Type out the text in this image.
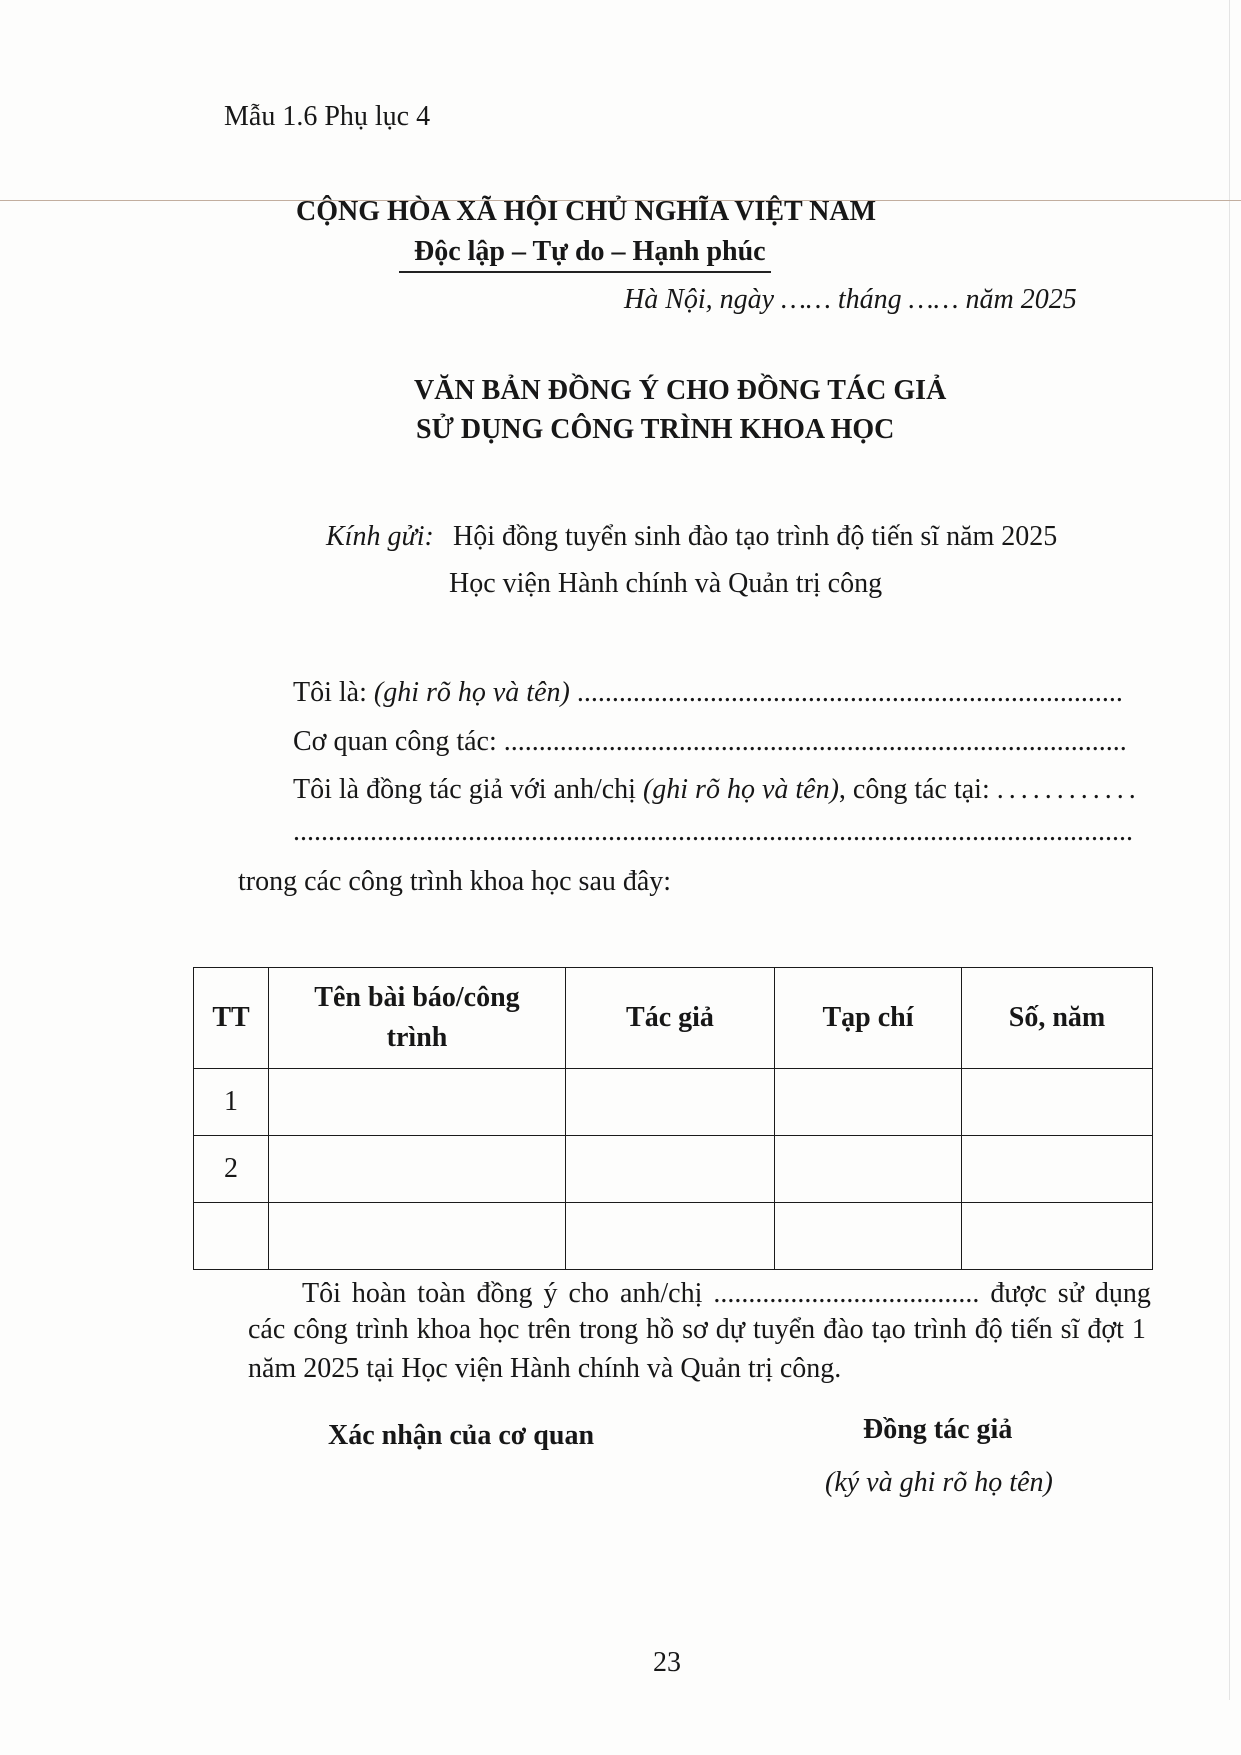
Mẫu 1.6 Phụ lục 4
CỘNG HÒA XÃ HỘI CHỦ NGHĨA VIỆT NAM
Độc lập – Tự do – Hạnh phúc
Hà Nội, ngày …… tháng …… năm 2025
VĂN BẢN ĐỒNG Ý CHO ĐỒNG TÁC GIẢ
SỬ DỤNG CÔNG TRÌNH KHOA HỌC
Kính gửi: Hội đồng tuyển sinh đào tạo trình độ tiến sĩ năm 2025
Học viện Hành chính và Quản trị công
Tôi là: (ghi rõ họ và tên) ..............................................................................
Cơ quan công tác: .........................................................................................
Tôi là đồng tác giả với anh/chị (ghi rõ họ và tên), công tác tại: ............
........................................................................................................................
trong các công trình khoa học sau đây:
TT	Tên bài báo/công trình	Tác giả	Tạp chí	Số, năm
1				
2				

Tôi hoàn toàn đồng ý cho anh/chị ...................................... được sử dụng
các công trình khoa học trên trong hồ sơ dự tuyển đào tạo trình độ tiến sĩ đợt 1
năm 2025 tại Học viện Hành chính và Quản trị công.
Xác nhận của cơ quan	Đồng tác giả
(ký và ghi rõ họ tên)
23
